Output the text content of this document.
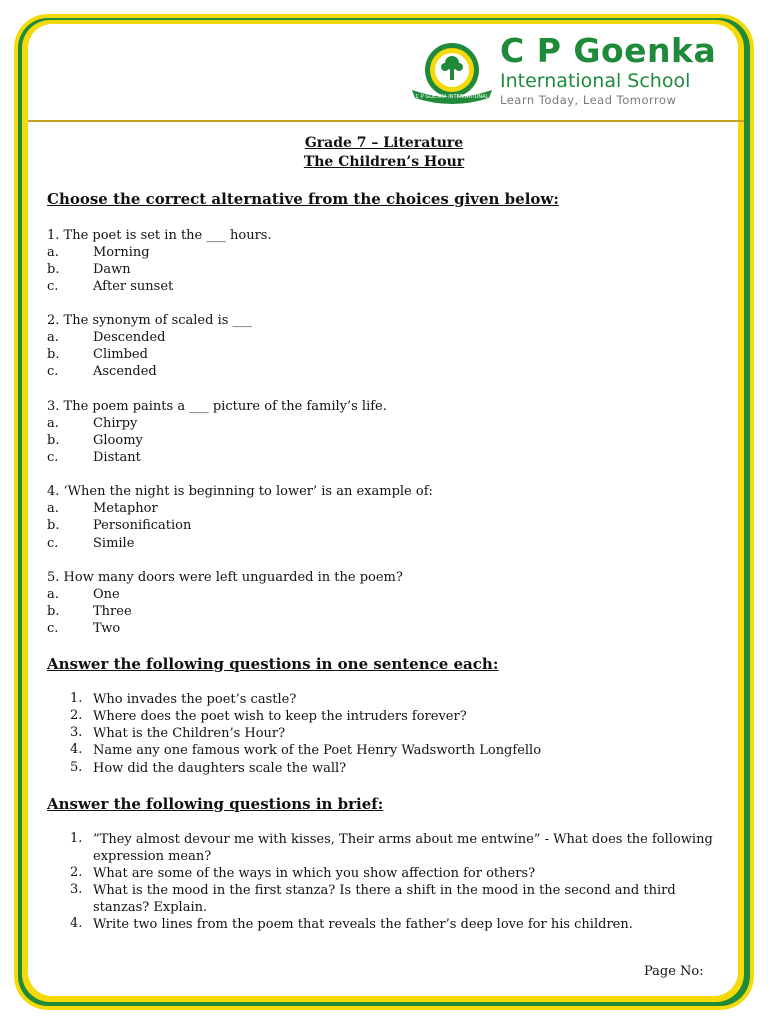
C P GOENKA INTERNATIONAL
C P Goenka
International School
Learn Today, Lead Tomorrow
Grade 7 – Literature
The Children’s Hour
Choose the correct alternative from the choices given below:
1. The poet is set in the ___ hours.
a.	Morning
b.	Dawn
c.	After sunset
2. The synonym of scaled is ___
a.	Descended
b.	Climbed
c.	Ascended
3. The poem paints a ___ picture of the family’s life.
a.	Chirpy
b.	Gloomy
c.	Distant
4. ‘When the night is beginning to lower’ is an example of:
a.	Metaphor
b.	Personification
c.	Simile
5. How many doors were left unguarded in the poem?
a.	One
b.	Three
c.	Two
Answer the following questions in one sentence each:
1. Who invades the poet’s castle?
2. Where does the poet wish to keep the intruders forever?
3. What is the Children’s Hour?
4. Name any one famous work of the Poet Henry Wadsworth Longfello
5. How did the daughters scale the wall?
Answer the following questions in brief:
1. ”They almost devour me with kisses, Their arms about me entwine” - What does the following expression mean?
2. What are some of the ways in which you show affection for others?
3. What is the mood in the first stanza? Is there a shift in the mood in the second and third stanzas? Explain.
4. Write two lines from the poem that reveals the father’s deep love for his children.
Page No:
